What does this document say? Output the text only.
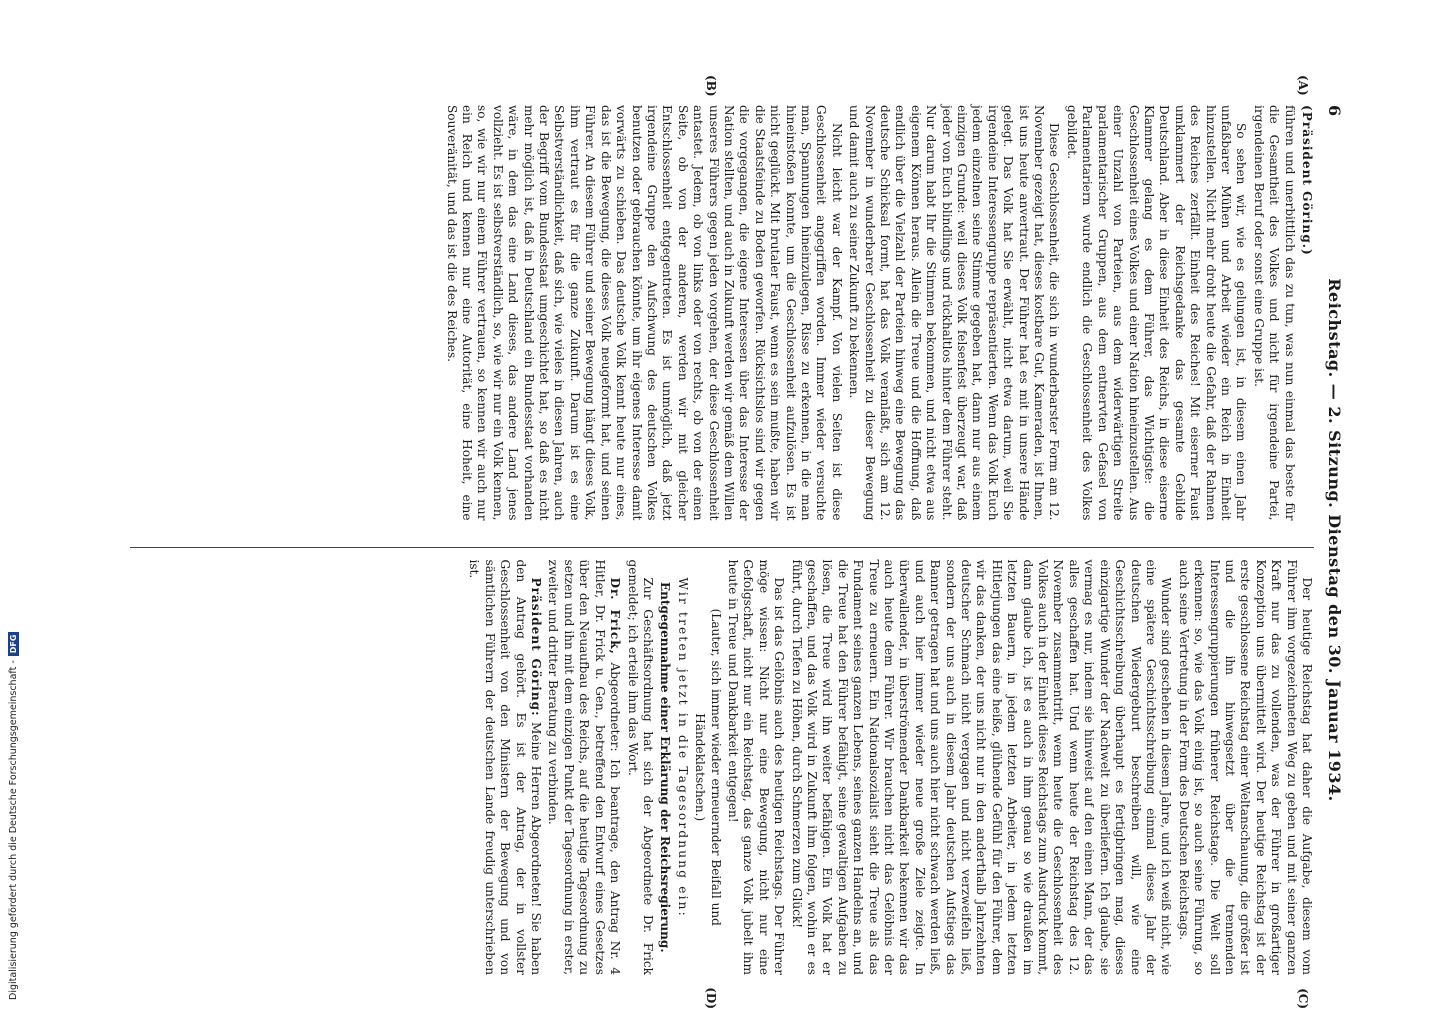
6
Reichstag. — 2. Sitzung. Dienstag den 30. Januar 1934.
(A)
(B)

(Präsident Göring.)

führen und unerbittlich das zu tun, was nun einmal das beste für die Gesamtheit des Volkes und nicht für irgendeine Partei, irgendeinen Beruf oder sonst eine Gruppe ist.

So sehen wir, wie es gelungen ist, in diesem einen Jahr unfaßbarer Mühen und Arbeit wieder ein Reich in Einheit hinzustellen. Nicht mehr droht heute die Gefahr, daß der Rahmen des Reiches zerfällt. Einheit des Reiches! Mit eiserner Faust umklammert der Reichsgedanke das gesamte Gebilde Deutschland. Aber in diese Einheit des Reichs, in diese eiserne Klammer gelang es dem Führer, das Wichtigste: die Geschlossenheit eines Volkes und einer Nation hineinzustellen. Aus einer Unzahl von Parteien, aus dem widerwärtigen Streite parlamentarischer Gruppen, aus dem entnervten Gefasel von Parlamentariern wurde endlich die Geschlossenheit des Volkes gebildet.

Diese Geschlossenheit, die sich in wunderbarster Form am 12. November gezeigt hat, dieses kostbare Gut, Kameraden, ist Ihnen, ist uns heute anvertraut. Der Führer hat es mit in unsere Hände gelegt. Das Volk hat Sie erwählt, nicht etwa darum, weil Sie irgendeine Interessengruppe repräsentierten. Wenn das Volk Euch jedem einzelnen seine Stimme gegeben hat, dann nur aus einem einzigen Grunde: weil dieses Volk felsenfest überzeugt war, daß jeder von Euch blindlings und rückhaltlos hinter dem Führer steht. Nur darum habt Ihr die Stimmen bekommen, und nicht etwa aus eigenem Können heraus. Allein die Treue und die Hoffnung, daß endlich über die Vielzahl der Parteien hinweg eine Bewegung das deutsche Schicksal formt, hat das Volk veranlaßt, sich am 12. November in wunderbarer Geschlossenheit zu dieser Bewegung und damit auch zu seiner Zukunft zu bekennen.

Nicht leicht war der Kampf. Von vielen Seiten ist diese Geschlossenheit angegriffen worden. Immer wieder versuchte man, Spannungen hineinzulegen, Risse zu erkennen, in die man hineinstoßen konnte, um die Geschlossenheit aufzulösen. Es ist nicht geglückt. Mit brutaler Faust, wenn es sein mußte, haben wir die Staatsfeinde zu Boden geworfen. Rücksichtslos sind wir gegen die vorgegangen, die eigene Interessen über das Interesse der Nation stellten, und auch in Zukunft werden wir gemäß dem Willen unseres Führers gegen jeden vorgehen, der diese Geschlossenheit antastet. Jedem, ob von links oder von rechts, ob von der einen Seite, ob von der anderen, werden wir mit gleicher Entschlossenheit entgegentreten. Es ist unmöglich, daß jetzt irgendeine Gruppe den Aufschwung des deutschen Volkes benutzen oder gebrauchen könnte, um ihr eigenes Interesse damit vorwärts zu schieben. Das deutsche Volk kennt heute nur eines, das ist die Bewegung, die dieses Volk neugeformt hat, und seinen Führer. An diesem Führer und seiner Bewegung hängt dieses Volk, ihm vertraut es für die ganze Zukunft. Darum ist es eine Selbstverständlichkeit, daß sich, wie vieles in diesen Jahren, auch der Begriff vom Bundesstaat umgeschichtet hat, so daß es nicht mehr möglich ist, daß in Deutschland ein Bundesstaat vorhanden wäre, in dem das eine Land dieses, das andere Land jenes vollzieht. Es ist selbstverständlich, so, wie wir nur ein Volk kennen, so, wie wir nur einem Führer vertrauen, so kennen wir auch nur ein Reich und kennen nur eine Autorität, eine Hoheit, eine Souveränität, und das ist die des Reiches.

(C)
(D)

Der heutige Reichstag hat daher die Aufgabe, diesem vom Führer ihm vorgezeichneten Weg zu geben und mit seiner ganzen Kraft nur das zu vollenden, was der Führer in großartiger Konzeption uns übermittelt wird. Der heutige Reichstag ist der erste geschlossene Reichstag einer Weltanschauung, die größer ist und die ihn hinwegsetzt über die trennenden Interessengruppierungen früherer Reichstage. Die Welt soll erkennen: so, wie das Volk einig ist, so auch seine Führung, so auch seine Vertretung in der Form des Deutschen Reichstags.

Wunder sind geschehen in diesem Jahre, und ich weiß nicht, wie eine spätere Geschichtsschreibung einmal dieses Jahr der deutschen Wiedergeburt beschreiben will, wie eine Geschichtsschreibung überhaupt es fertigbringen mag, dieses einzigartige Wunder der Nachwelt zu überliefern. Ich glaube, sie vermag es nur, indem sie hinweist auf den einen Mann, der das alles geschaffen hat. Und wenn heute der Reichstag des 12. November zusammentritt, wenn heute die Geschlossenheit des Volkes auch in der Einheit dieses Reichstags zum Ausdruck kommt, dann glaube ich, ist es auch in ihm genau so wie draußen im letzten Bauern, in jedem letzten Arbeiter, in jedem letzten Hitlerjungen das eine heiße, glühende Gefühl für den Führer, dem wir das danken, der uns nicht nur in den anderthalb Jahrzehnten deutscher Schmach nicht vergagen und nicht verzweifeln ließ, sondern der uns auch in diesem Jahr deutschen Aufstiegs das Banner getragen hat und uns auch hier nicht schwach werden ließ, und auch hier immer wieder neue große Ziele zeigte. In überwallender, in überströmender Dankbarkeit bekennen wir das auch heute dem Führer. Wir brauchen nicht das Gelöbnis der Treue zu erneuern. Ein Nationalsozialist sieht die Treue als das Fundament seines ganzen Lebens, seines ganzen Handelns an, und die Treue hat den Führer befähigt, seine gewaltigen Aufgaben zu lösen, die Treue wird ihn weiter befähigen. Ein Volk hat er geschaffen, und das Volk wird in Zukunft ihm folgen, wohin er es führt, durch Tiefen zu Höhen, durch Schmerzen zum Glück!

Das ist das Gelöbnis auch des heutigen Reichstags. Der Führer möge wissen: Nicht nur eine Bewegung, nicht nur eine Gefolgschaft, nicht nur ein Reichstag, das ganze Volk jubelt ihm heute in Treue und Dankbarkeit entgegen!

(Lauter, sich immer wieder erneuernder Beifall und Händeklatschen.)

Wir treten jetzt in die Tagesordnung ein:

Entgegennahme einer Erklärung der Reichsregierung.

Zur Geschäftsordnung hat sich der Abgeordnete Dr. Frick gemeldet; ich erteile ihm das Wort.

Dr. Frick, Abgeordneter: Ich beantrage, den Antrag Nr. 4 Hitler, Dr. Frick u. Gen., betreffend den Entwurf eines Gesetzes über den Neuaufbau des Reichs, auf die heutige Tagesordnung zu setzen und ihn mit dem einzigen Punkt der Tagesordnung in erster, zweiter und dritter Beratung zu verbinden.

Präsident Göring: Meine Herren Abgeordneten! Sie haben den Antrag gehört. Es ist der Antrag, der in vollster Geschlossenheit von den Ministern der Bewegung und von sämtlichen Führern der deutschen Lande freudig unterschrieben ist.

Digitalisierung gefördert durch die Deutsche Forschungsgemeinschaft -DFG
